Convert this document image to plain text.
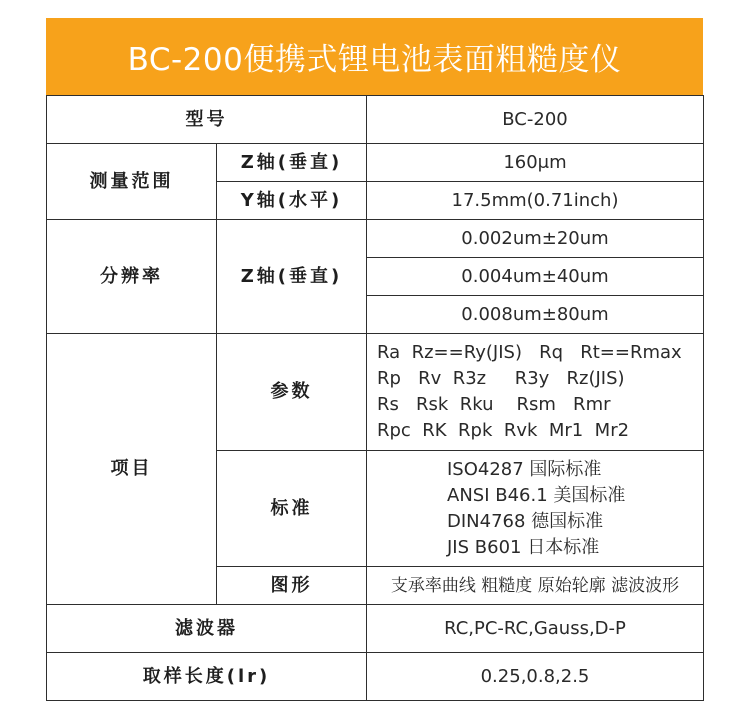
BC-200便携式锂电池表面粗糙度仪
型号		BC-200
测量范围	Z轴(垂直)	160μm
	Y轴(水平)	17.5mm(0.71inch)
分辨率	Z轴(垂直)	0.002um±20um
		0.004um±40um
		0.008um±80um
项目	参数	Ra  Rz==Ry(JIS)   Rq   Rt==Rmax
Rp   Rv  R3z     R3y   Rz(JIS)
Rs   Rsk  Rku    Rsm   Rmr
Rpc  RK  Rpk  Rvk  Mr1  Mr2

	标准	ISO4287 国际标准
ANSI B46.1 美国标准
DIN4768 德国标准
JIS B601 日本标准

	图形	支承率曲线 粗糙度 原始轮廓 滤波波形
滤波器		RC,PC-RC,Gauss,D-P
取样长度(lr)		0.25,0.8,2.5
